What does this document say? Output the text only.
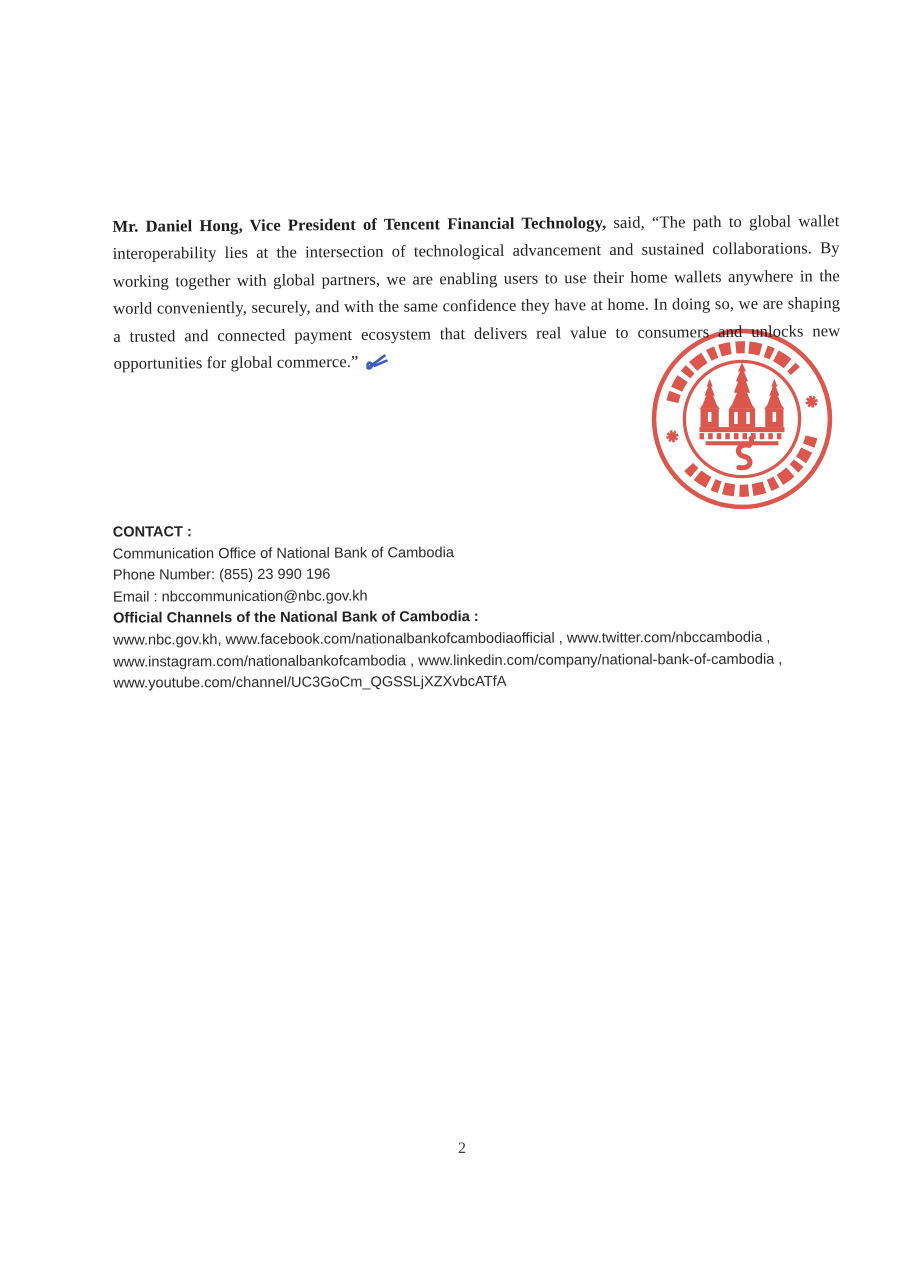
Mr. Daniel Hong, Vice President of Tencent Financial Technology, said, “The path to global wallet interoperability lies at the intersection of technological advancement and sustained collaborations. By working together with global partners, we are enabling users to use their home wallets anywhere in the world conveniently, securely, and with the same confidence they have at home. In doing so, we are shaping a trusted and connected payment ecosystem that delivers real value to consumers and unlocks new opportunities for global commerce.”
CONTACT :
Communication Office of National Bank of Cambodia
Phone Number: (855) 23 990 196
Email : nbccommunication@nbc.gov.kh
Official Channels of the National Bank of Cambodia :
www.nbc.gov.kh, www.facebook.com/nationalbankofcambodiaofficial , www.twitter.com/nbccambodia ,
www.instagram.com/nationalbankofcambodia , www.linkedin.com/company/national-bank-of-cambodia ,
www.youtube.com/channel/UC3GoCm_QGSSLjXZXvbcATfA
2
